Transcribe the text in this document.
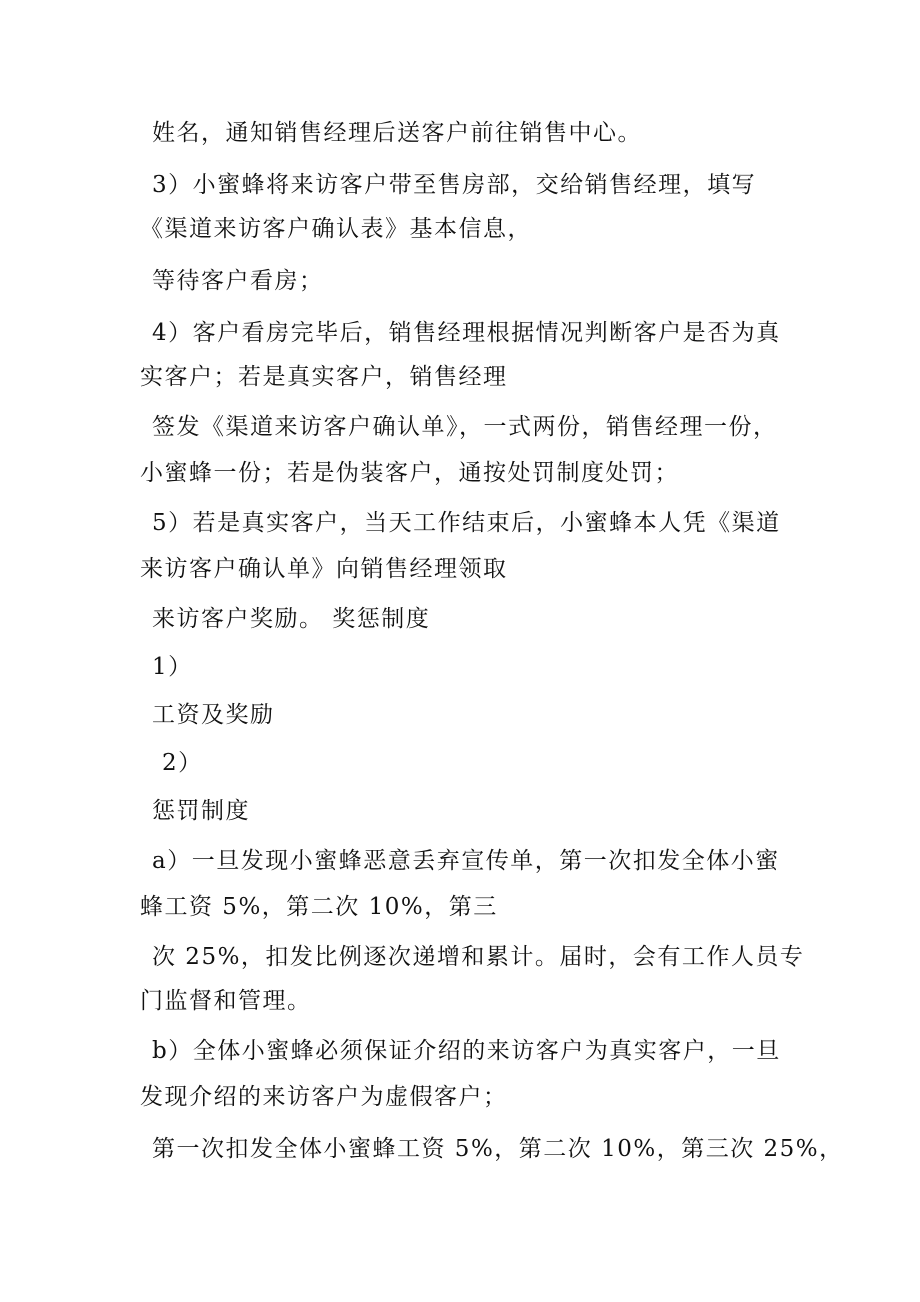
姓名，通知销售经理后送客户前往销售中心。
3）小蜜蜂将来访客户带至售房部，交给销售经理，填写
《渠道来访客户确认表》基本信息，
等待客户看房；
4）客户看房完毕后，销售经理根据情况判断客户是否为真
实客户；若是真实客户，销售经理
签发《渠道来访客户确认单》，一式两份，销售经理一份，
小蜜蜂一份；若是伪装客户，通按处罚制度处罚；
5）若是真实客户，当天工作结束后，小蜜蜂本人凭《渠道
来访客户确认单》向销售经理领取
来访客户奖励。 奖惩制度
1）
工资及奖励
2）
惩罚制度
a）一旦发现小蜜蜂恶意丢弃宣传单，第一次扣发全体小蜜
蜂工资 5%，第二次 10%，第三
次 25%，扣发比例逐次递增和累计。届时，会有工作人员专
门监督和管理。
b）全体小蜜蜂必须保证介绍的来访客户为真实客户，一旦
发现介绍的来访客户为虚假客户；
第一次扣发全体小蜜蜂工资 5%，第二次 10%，第三次 25%，
